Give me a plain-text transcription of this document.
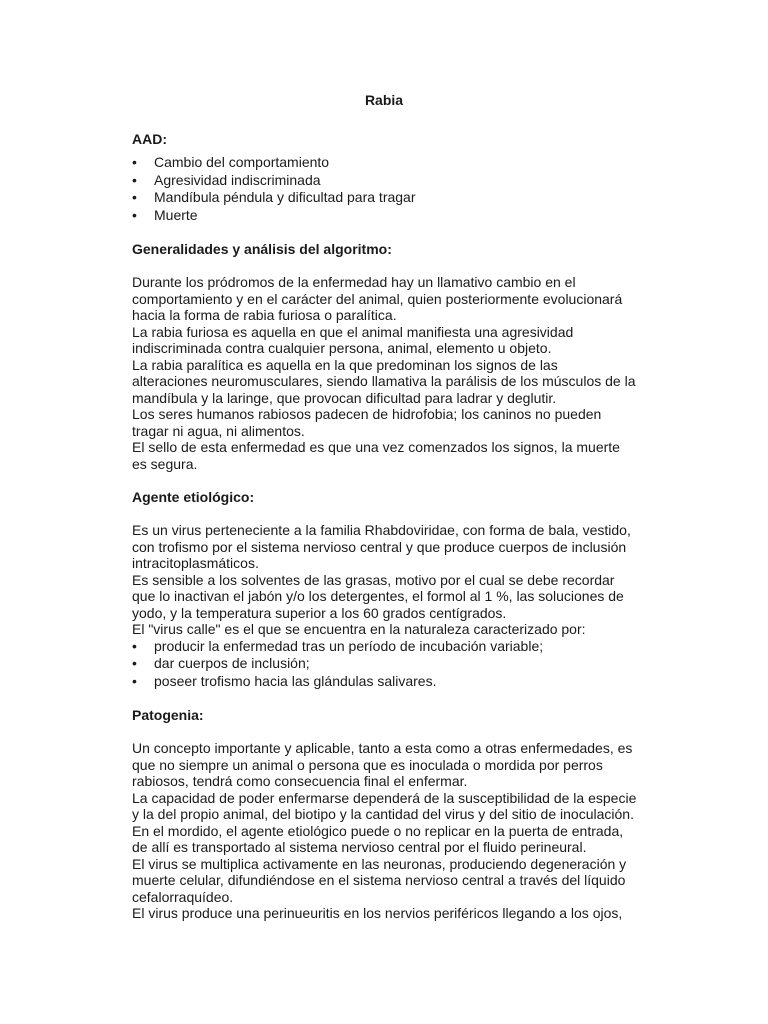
Rabia
AAD:
• Cambio del comportamiento
• Agresividad indiscriminada
• Mandíbula péndula y dificultad para tragar
• Muerte
Generalidades y análisis del algoritmo:

Durante los pródromos de la enfermedad hay un llamativo cambio en el comportamiento y en el carácter del animal, quien posteriormente evolucionará hacia la forma de rabia furiosa o paralítica.

La rabia furiosa es aquella en que el animal manifiesta una agresividad indiscriminada contra cualquier persona, animal, elemento u objeto.

La rabia paralítica es aquella en la que predominan los signos de las alteraciones neuromusculares, siendo llamativa la parálisis de los músculos de la mandíbula y la laringe, que provocan dificultad para ladrar y deglutir.

Los seres humanos rabiosos padecen de hidrofobia; los caninos no pueden tragar ni agua, ni alimentos.

El sello de esta enfermedad es que una vez comenzados los signos, la muerte es segura.

Agente etiológico:

Es un virus perteneciente a la familia Rhabdoviridae, con forma de bala, vestido, con trofismo por el sistema nervioso central y que produce cuerpos de inclusión intracitoplasmáticos.

Es sensible a los solventes de las grasas, motivo por el cual se debe recordar que lo inactivan el jabón y/o los detergentes, el formol al 1 %, las soluciones de yodo, y la temperatura superior a los 60 grados centígrados.

El "virus calle" es el que se encuentra en la naturaleza caracterizado por:

• producir la enfermedad tras un período de incubación variable;
• dar cuerpos de inclusión;
• poseer trofismo hacia las glándulas salivares.
Patogenia:

Un concepto importante y aplicable, tanto a esta como a otras enfermedades, es que no siempre un animal o persona que es inoculada o mordida por perros rabiosos, tendrá como consecuencia final el enfermar.

La capacidad de poder enfermarse dependerá de la susceptibilidad de la especie y la del propio animal, del biotipo y la cantidad del virus y del sitio de inoculación.

En el mordido, el agente etiológico puede o no replicar en la puerta de entrada, de allí es transportado al sistema nervioso central por el fluido perineural.

El virus se multiplica activamente en las neuronas, produciendo degeneración y muerte celular, difundiéndose en el sistema nervioso central a través del líquido cefalorraquídeo.

El virus produce una perinueuritis en los nervios periféricos llegando a los ojos,
